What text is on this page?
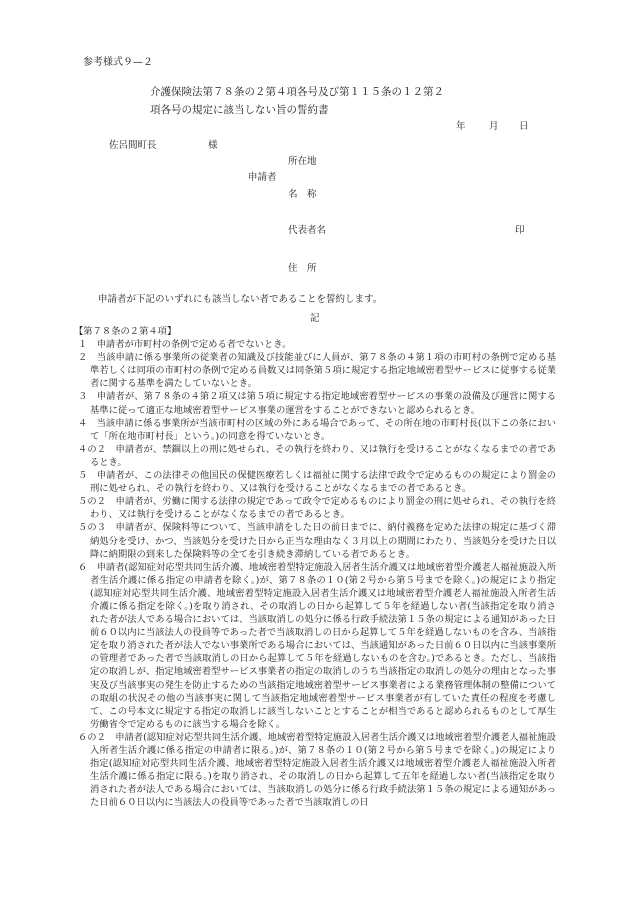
参考様式９—２
介護保険法第７８条の２第４項各号及び第１１５条の１２第２
項各号の規定に該当しない旨の誓約書
年 月 日
佐呂間町長	様
所在地
申請者
名　称
代表者名	印
住　所
申請者が下記のいずれにも該当しない者であることを誓約します。
記

【第７８条の２第４項】

１　申請者が市町村の条例で定める者でないとき。

２　当該申請に係る事業所の従業者の知識及び技能並びに人員が、第７８条の４第１項の市町村の条例で定める基準若しくは同項の市町村の条例で定める員数又は同条第５項に規定する指定地域密着型サービスに従事する従業者に関する基準を満たしていないとき。

３　申請者が、第７８条の４第２項又は第５項に規定する指定地域密着型サービスの事業の設備及び運営に関する基準に従って適正な地域密着型サービス事業の運営をすることができないと認められるとき。

４　当該申請に係る事業所が当該市町村の区域の外にある場合であって、その所在地の市町村長(以下この条において「所在地市町村長」という。)の同意を得ていないとき。

４の２　申請者が、禁錮以上の刑に処せられ、その執行を終わり、又は執行を受けることがなくなるまでの者であるとき。

５　申請者が、この法律その他国民の保健医療若しくは福祉に関する法律で政令で定めるものの規定により罰金の刑に処せられ、その執行を終わり、又は執行を受けることがなくなるまでの者であるとき。

５の２　申請者が、労働に関する法律の規定であって政令で定めるものにより罰金の刑に処せられ、その執行を終わり、又は執行を受けることがなくなるまでの者であるとき。

５の３　申請者が、保険料等について、当該申請をした日の前日までに、納付義務を定めた法律の規定に基づく滞納処分を受け、かつ、当該処分を受けた日から正当な理由なく３月以上の期間にわたり、当該処分を受けた日以降に納期限の到来した保険料等の全てを引き続き滞納している者であるとき。

６　申請者(認知症対応型共同生活介護、地域密着型特定施設入居者生活介護又は地域密着型介護老人福祉施設入所者生活介護に係る指定の申請者を除く。)が、第７８条の１０(第２号から第５号までを除く。)の規定により指定(認知症対応型共同生活介護、地域密着型特定施設入居者生活介護又は地域密着型介護老人福祉施設入所者生活介護に係る指定を除く。)を取り消され、その取消しの日から起算して５年を経過しない者(当該指定を取り消された者が法人である場合においては、当該取消しの処分に係る行政手続法第１５条の規定による通知があった日前６０以内に当該法人の役員等であった者で当該取消しの日から起算して５年を経過しないものを含み、当該指定を取り消された者が法人でない事業所である場合においては、当該通知があった日前６０日以内に当該事業所の管理者であった者で当該取消しの日から起算して５年を経過しないものを含む。)であるとき。ただし、当該指定の取消しが、指定地域密着型サービス事業者の指定の取消しのうち当該指定の取消しの処分の理由となった事実及び当該事実の発生を防止するための当該指定地域密着型サービス事業者による業務管理体制の整備についての取組の状況その他の当該事実に関して当該指定地域密着型サービス事業者が有していた責任の程度を考慮して、この号本文に規定する指定の取消しに該当しないこととすることが相当であると認められるものとして厚生労働省令で定めるものに該当する場合を除く。

６の２　申請者(認知症対応型共同生活介護、地域密着型特定施設入居者生活介護又は地域密着型介護老人福祉施設入所者生活介護に係る指定の申請者に限る。)が、第７８条の１０(第２号から第５号までを除く。)の規定により指定(認知症対応型共同生活介護、地域密着型特定施設入居者生活介護又は地域密着型介護老人福祉施設入所者生活介護に係る指定に限る。)を取り消され、その取消しの日から起算して五年を経過しない者(当該指定を取り消された者が法人である場合においては、当該取消しの処分に係る行政手続法第１５条の規定による通知があった日前６０日以内に当該法人の役員等であった者で当該取消しの日
